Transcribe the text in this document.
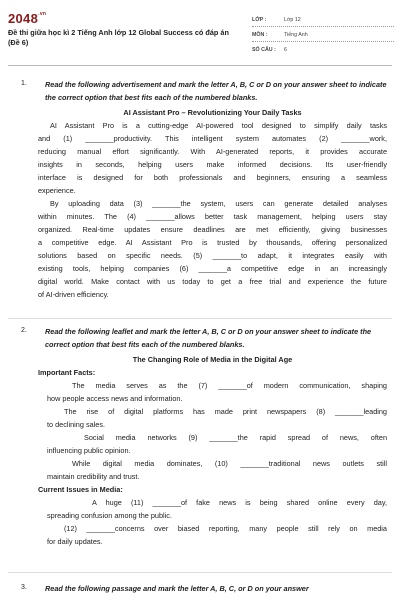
$2048^{.vn}$
Đề thi giữa học kì 2 Tiếng Anh lớp 12 Global Success có đáp án (Đề 6)
LỚP :	Lớp 12
MÔN :	Tiếng Anh
SỐ CÂU :	6
1. Read the following advertisement and mark the letter A, B, C or D on your answer sheet to indicate the correct option that best fits each of the numbered blanks.
AI Assistant Pro – Revolutionizing Your Daily Tasks
AI Assistant Pro is a cutting-edge AI-powered tool designed to simplify daily tasks
and (1) _______productivity. This intelligent system automates (2) _______work,
reducing manual effort significantly. With AI-generated reports, it provides accurate
insights in seconds, helping users make informed decisions. Its user-friendly
interface is designed for both professionals and beginners, ensuring a seamless
experience.
By uploading data (3) _______the system, users can generate detailed analyses
within minutes. The (4) _______allows better task management, helping users stay
organized. Real-time updates ensure deadlines are met efficiently, giving businesses
a competitive edge. AI Assistant Pro is trusted by thousands, offering personalized
solutions based on specific needs. (5) _______to adapt, it integrates easily with
existing tools, helping companies (6) _______a competitive edge in an increasingly
digital world. Make contact with us today to get a free trial and experience the future
of AI-driven efficiency.
2. Read the following leaflet and mark the letter A, B, C or D on your answer sheet to indicate the correct option that best fits each of the numbered blanks.
The Changing Role of Media in the Digital Age
Important Facts:
The media serves as the (7) _______of modern communication, shaping
how people access news and information.
The rise of digital platforms has made print newspapers (8) _______leading
to declining sales.
Social media networks (9) _______the rapid spread of news, often
influencing public opinion.
While digital media dominates, (10) _______traditional news outlets still
maintain credibility and trust.
Current Issues in Media:
A huge (11) _______of fake news is being shared online every day,
spreading confusion among the public.
(12) _______concerns over biased reporting, many people still rely on media
for daily updates.
3. Read the following passage and mark the letter A, B, C, or D on your answer
